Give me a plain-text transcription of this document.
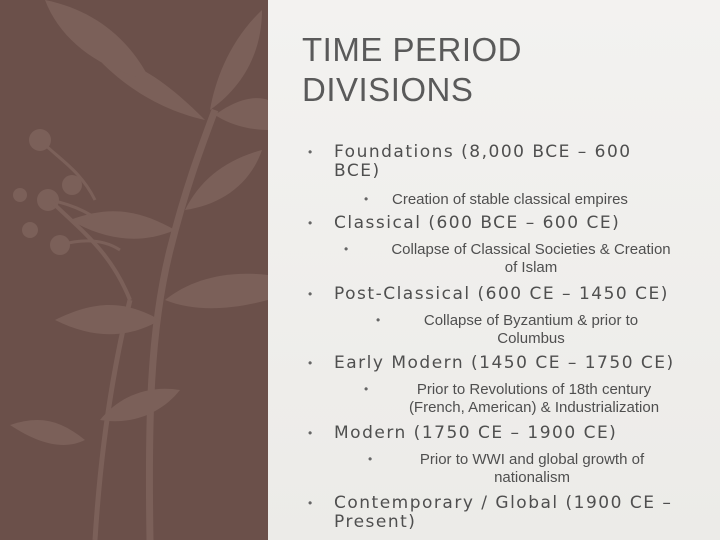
TIME PERIOD
DIVISIONS
• Foundations (8,000 BCE – 600
BCE)
• Creation of stable classical empires
• Classical (600 BCE – 600 CE)
•	Collapse of Classical Societies & Creation
of Islam
• Post-Classical (600 CE – 1450 CE)
•	Collapse of Byzantium & prior to
Columbus
• Early Modern (1450 CE – 1750 CE)
•	Prior to Revolutions of 18th century
(French, American) & Industrialization
• Modern (1750 CE – 1900 CE)
•	Prior to WWI and global growth of
nationalism
• Contemporary / Global (1900 CE –
Present)
